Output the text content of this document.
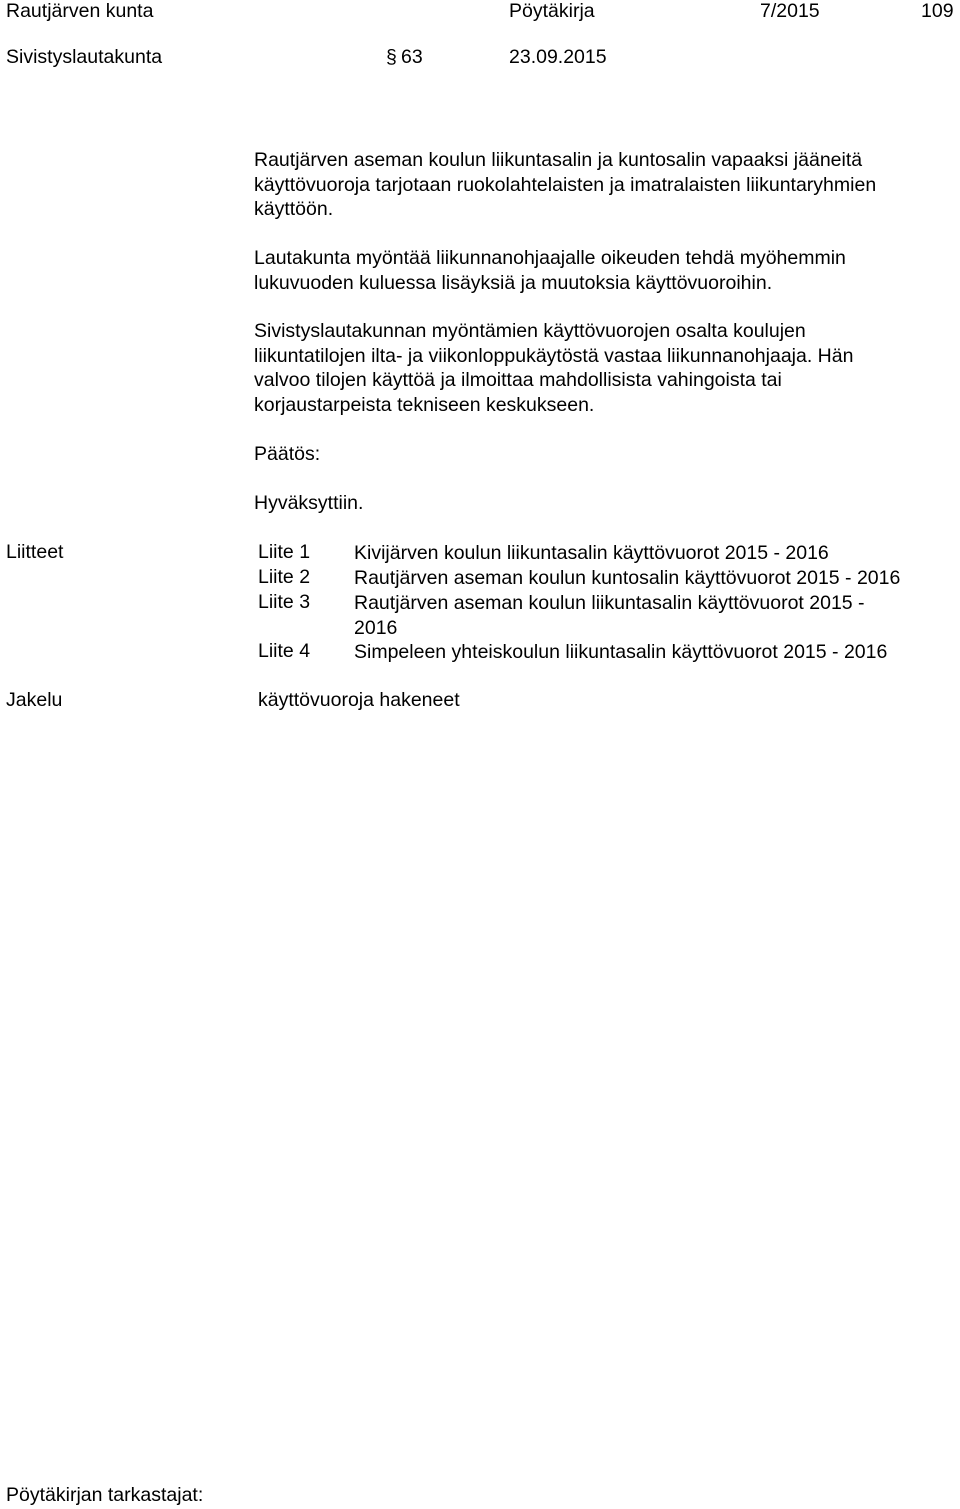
Rautjärven kunta	Pöytäkirja	7/2015	109
Sivistyslautakunta	§ 63	23.09.2015
Rautjärven aseman koulun liikuntasalin ja kuntosalin vapaaksi jääneitä
käyttövuoroja tarjotaan ruokolahtelaisten ja imatralaisten liikuntaryhmien
käyttöön.
Lautakunta myöntää liikunnanohjaajalle oikeuden tehdä myöhemmin
lukuvuoden kuluessa lisäyksiä ja muutoksia käyttövuoroihin.
Sivistyslautakunnan myöntämien käyttövuorojen osalta koulujen
liikuntatilojen ilta- ja viikonloppukäytöstä vastaa liikunnanohjaaja. Hän
valvoo tilojen käyttöä ja ilmoittaa mahdollisista vahingoista tai
korjaustarpeista tekniseen keskukseen.
Päätös:
Hyväksyttiin.
Liitteet	Liite 1 Kivijärven koulun liikuntasalin käyttövuorot 2015 - 2016
Liite 2 Rautjärven aseman koulun kuntosalin käyttövuorot 2015 - 2016
Liite 3 Rautjärven aseman koulun liikuntasalin käyttövuorot 2015 -
2016
Liite 4 Simpeleen yhteiskoulun liikuntasalin käyttövuorot 2015 - 2016
Jakelu	käyttövuoroja hakeneet
Pöytäkirjan tarkastajat:
